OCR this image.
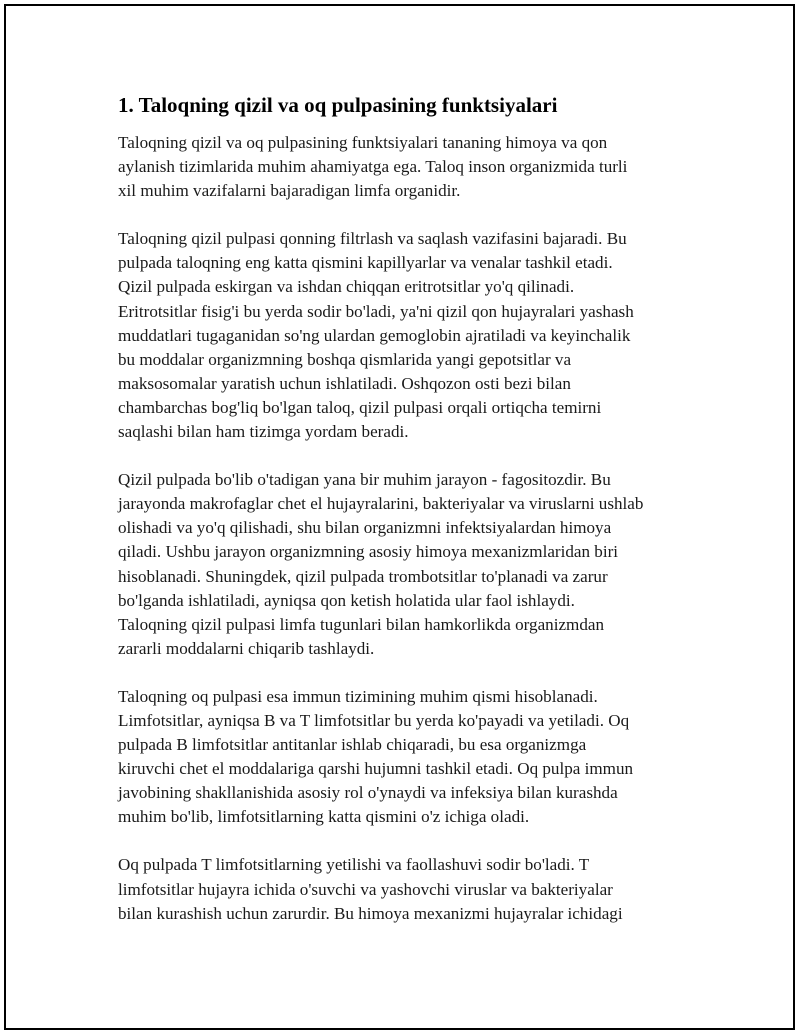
1. Taloqning qizil va oq pulpasining funktsiyalari

Taloqning qizil va oq pulpasining funktsiyalari tananing himoya va qon
aylanish tizimlarida muhim ahamiyatga ega. Taloq inson organizmida turli
xil muhim vazifalarni bajaradigan limfa organidir.

Taloqning qizil pulpasi qonning filtrlash va saqlash vazifasini bajaradi. Bu
pulpada taloqning eng katta qismini kapillyarlar va venalar tashkil etadi.
Qizil pulpada eskirgan va ishdan chiqqan eritrotsitlar yo'q qilinadi.
Eritrotsitlar fisig'i bu yerda sodir bo'ladi, ya'ni qizil qon hujayralari yashash
muddatlari tugaganidan so'ng ulardan gemoglobin ajratiladi va keyinchalik
bu moddalar organizmning boshqa qismlarida yangi gepotsitlar va
maksosomalar yaratish uchun ishlatiladi. Oshqozon osti bezi bilan
chambarchas bog'liq bo'lgan taloq, qizil pulpasi orqali ortiqcha temirni
saqlashi bilan ham tizimga yordam beradi.

Qizil pulpada bo'lib o'tadigan yana bir muhim jarayon - fagositozdir. Bu
jarayonda makrofaglar chet el hujayralarini, bakteriyalar va viruslarni ushlab
olishadi va yo'q qilishadi, shu bilan organizmni infektsiyalardan himoya
qiladi. Ushbu jarayon organizmning asosiy himoya mexanizmlaridan biri
hisoblanadi. Shuningdek, qizil pulpada trombotsitlar to'planadi va zarur
bo'lganda ishlatiladi, ayniqsa qon ketish holatida ular faol ishlaydi.
Taloqning qizil pulpasi limfa tugunlari bilan hamkorlikda organizmdan
zararli moddalarni chiqarib tashlaydi.

Taloqning oq pulpasi esa immun tizimining muhim qismi hisoblanadi.
Limfotsitlar, ayniqsa B va T limfotsitlar bu yerda ko'payadi va yetiladi. Oq
pulpada B limfotsitlar antitanlar ishlab chiqaradi, bu esa organizmga
kiruvchi chet el moddalariga qarshi hujumni tashkil etadi. Oq pulpa immun
javobining shakllanishida asosiy rol o'ynaydi va infeksiya bilan kurashda
muhim bo'lib, limfotsitlarning katta qismini o'z ichiga oladi.

Oq pulpada T limfotsitlarning yetilishi va faollashuvi sodir bo'ladi. T
limfotsitlar hujayra ichida o'suvchi va yashovchi viruslar va bakteriyalar
bilan kurashish uchun zarurdir. Bu himoya mexanizmi hujayralar ichidagi
